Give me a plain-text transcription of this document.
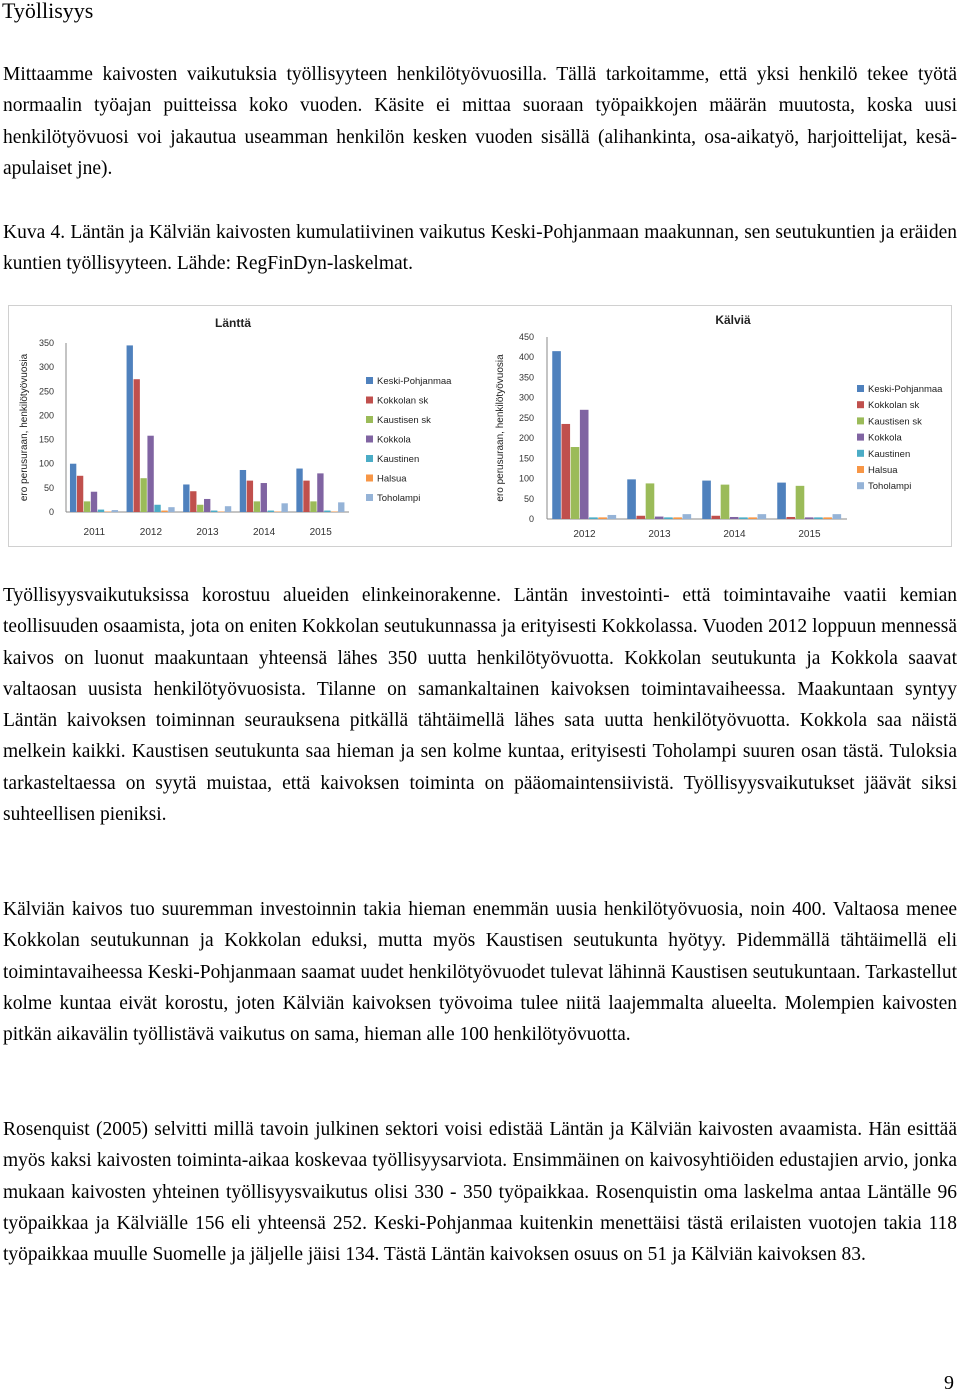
Työllisyys

Mittaamme kaivosten vaikutuksia työllisyyteen henkilötyövuosilla. Tällä tarkoitamme, että yksi henkilö tekee työtä normaalin työajan puitteissa koko vuoden. Käsite ei mittaa suoraan työpaikkojen määrän muutosta, koska uusi henkilötyövuosi voi jakautua useamman henkilön kesken vuoden sisällä (alihankinta, osa-aikatyö, harjoittelijat, kesä-apulaiset jne).

Kuva 4. Läntän ja Kälviän kaivosten kumulatiivinen vaikutus Keski-Pohjanmaan maakunnan, sen seutukuntien ja eräiden kuntien työllisyyteen. Lähde: RegFinDyn-laskelmat.

Länttä
ero perusuraan, henkilötyövuosia
0
50
100
150
200
250
300
350
2011	2012	2013	2014	2015
Keski-Pohjanmaa
Kokkolan sk
Kaustisen sk
Kokkola
Kaustinen
Halsua
Toholampi
Kälviä
ero perusuraan, henkilötyövuosia
0
50
100
150
200
250
300
350
400
450
2012	2013	2014	2015
Keski-Pohjanmaa
Kokkolan sk
Kaustisen sk
Kokkola
Kaustinen
Halsua
Toholampi

Työllisyysvaikutuksissa korostuu alueiden elinkeinorakenne. Läntän investointi- että toimintavaihe vaatii kemian teollisuuden osaamista, jota on eniten Kokkolan seutukunnassa ja erityisesti Kokkolassa. Vuoden 2012 loppuun mennessä kaivos on luonut maakuntaan yhteensä lähes 350 uutta henkilötyövuotta. Kokkolan seutukunta ja Kokkola saavat valtaosan uusista henkilötyövuosista. Tilanne on samankaltainen kaivoksen toimintavaiheessa. Maakuntaan syntyy Läntän kaivoksen toiminnan seurauksena pitkällä tähtäimellä lähes sata uutta henkilötyövuotta. Kokkola saa näistä melkein kaikki. Kaustisen seutukunta saa hieman ja sen kolme kuntaa, erityisesti Toholampi suuren osan tästä. Tuloksia tarkasteltaessa on syytä muistaa, että kaivoksen toiminta on pääomaintensiivistä. Työllisyysvaikutukset jäävät siksi suhteellisen pieniksi.

Kälviän kaivos tuo suuremman investoinnin takia hieman enemmän uusia henkilötyövuosia, noin 400. Valtaosa menee Kokkolan seutukunnan ja Kokkolan eduksi, mutta myös Kaustisen seutukunta hyötyy. Pidemmällä tähtäimellä eli toimintavaiheessa Keski-Pohjanmaan saamat uudet henkilötyövuodet tulevat lähinnä Kaustisen seutukuntaan. Tarkastellut kolme kuntaa eivät korostu, joten Kälviän kaivoksen työvoima tulee niitä laajemmalta alueelta. Molempien kaivosten pitkän aikavälin työllistävä vaikutus on sama, hieman alle 100 henkilötyövuotta.

Rosenquist (2005) selvitti millä tavoin julkinen sektori voisi edistää Läntän ja Kälviän kaivosten avaamista. Hän esittää myös kaksi kaivosten toiminta-aikaa koskevaa työllisyysarviota. Ensimmäinen on kaivosyhtiöiden edustajien arvio, jonka mukaan kaivosten yhteinen työllisyysvaikutus olisi 330 - 350 työpaikkaa. Rosenquistin oma laskelma antaa Läntälle 96 työpaikkaa ja Kälviälle 156 eli yhteensä 252. Keski-Pohjanmaa kuitenkin menettäisi tästä erilaisten vuotojen takia 118 työpaikkaa muulle Suomelle ja jäljelle jäisi 134. Tästä Läntän kaivoksen osuus on 51 ja Kälviän kaivoksen 83.

9
